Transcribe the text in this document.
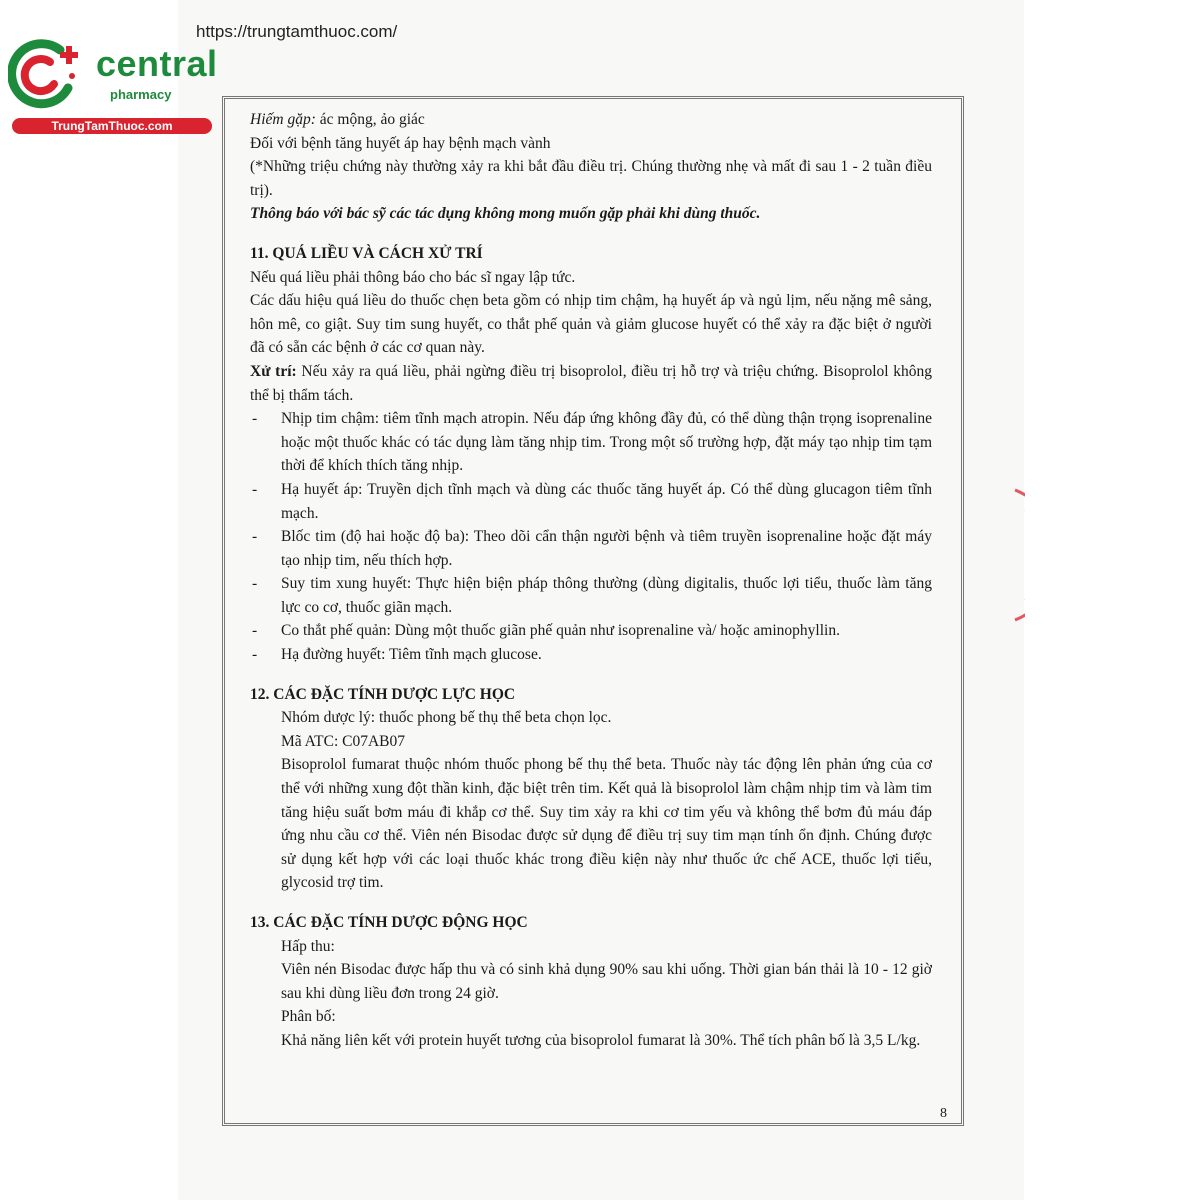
https://trungtamthuoc.com/
central
pharmacy
TrungTamThuoc.com	Hiếm gặp: ác mộng, ảo giác

Đối với bệnh tăng huyết áp hay bệnh mạch vành

(*Những triệu chứng này thường xảy ra khi bắt đầu điều trị. Chúng thường nhẹ và mất đi sau 1 - 2 tuần điều trị).

Thông báo với bác sỹ các tác dụng không mong muốn gặp phải khi dùng thuốc.

11. QUÁ LIỀU VÀ CÁCH XỬ TRÍ

Nếu quá liều phải thông báo cho bác sĩ ngay lập tức.

Các dấu hiệu quá liều do thuốc chẹn beta gồm có nhịp tim chậm, hạ huyết áp và ngủ lịm, nếu nặng mê sảng, hôn mê, co giật. Suy tim sung huyết, co thắt phế quản và giảm glucose huyết có thể xảy ra đặc biệt ở người đã có sẵn các bệnh ở các cơ quan này.

Xử trí: Nếu xảy ra quá liều, phải ngừng điều trị bisoprolol, điều trị hỗ trợ và triệu chứng. Bisoprolol không thể bị thẩm tách.

- Nhịp tim chậm: tiêm tĩnh mạch atropin. Nếu đáp ứng không đầy đủ, có thể dùng thận trọng isoprenaline hoặc một thuốc khác có tác dụng làm tăng nhịp tim. Trong một số trường hợp, đặt máy tạo nhịp tim tạm thời để khích thích tăng nhịp.
- Hạ huyết áp: Truyền dịch tĩnh mạch và dùng các thuốc tăng huyết áp. Có thể dùng glucagon tiêm tĩnh mạch.
- Blốc tim (độ hai hoặc độ ba): Theo dõi cẩn thận người bệnh và tiêm truyền isoprenaline hoặc đặt máy tạo nhịp tim, nếu thích hợp.
- Suy tim xung huyết: Thực hiện biện pháp thông thường (dùng digitalis, thuốc lợi tiểu, thuốc làm tăng lực co cơ, thuốc giãn mạch.
- Co thắt phế quản: Dùng một thuốc giãn phế quản như isoprenaline và/ hoặc aminophyllin.
- Hạ đường huyết: Tiêm tĩnh mạch glucose.

12. CÁC ĐẶC TÍNH DƯỢC LỰC HỌC

Nhóm dược lý: thuốc phong bế thụ thể beta chọn lọc.

Mã ATC: C07AB07

Bisoprolol fumarat thuộc nhóm thuốc phong bế thụ thể beta. Thuốc này tác động lên phản ứng của cơ thể với những xung đột thần kinh, đặc biệt trên tim. Kết quả là bisoprolol làm chậm nhịp tim và làm tim tăng hiệu suất bơm máu đi khắp cơ thể. Suy tim xảy ra khi cơ tim yếu và không thể bơm đủ máu đáp ứng nhu cầu cơ thể. Viên nén Bisodac được sử dụng để điều trị suy tim mạn tính ổn định. Chúng được sử dụng kết hợp với các loại thuốc khác trong điều kiện này như thuốc ức chế ACE, thuốc lợi tiểu, glycosid trợ tim.

13. CÁC ĐẶC TÍNH DƯỢC ĐỘNG HỌC

Hấp thu:

Viên nén Bisodac được hấp thu và có sinh khả dụng 90% sau khi uống. Thời gian bán thải là 10 - 12 giờ sau khi dùng liều đơn trong 24 giờ.

Phân bố:

Khả năng liên kết với protein huyết tương của bisoprolol fumarat là 30%. Thể tích phân bố là 3,5 L/kg.

8
